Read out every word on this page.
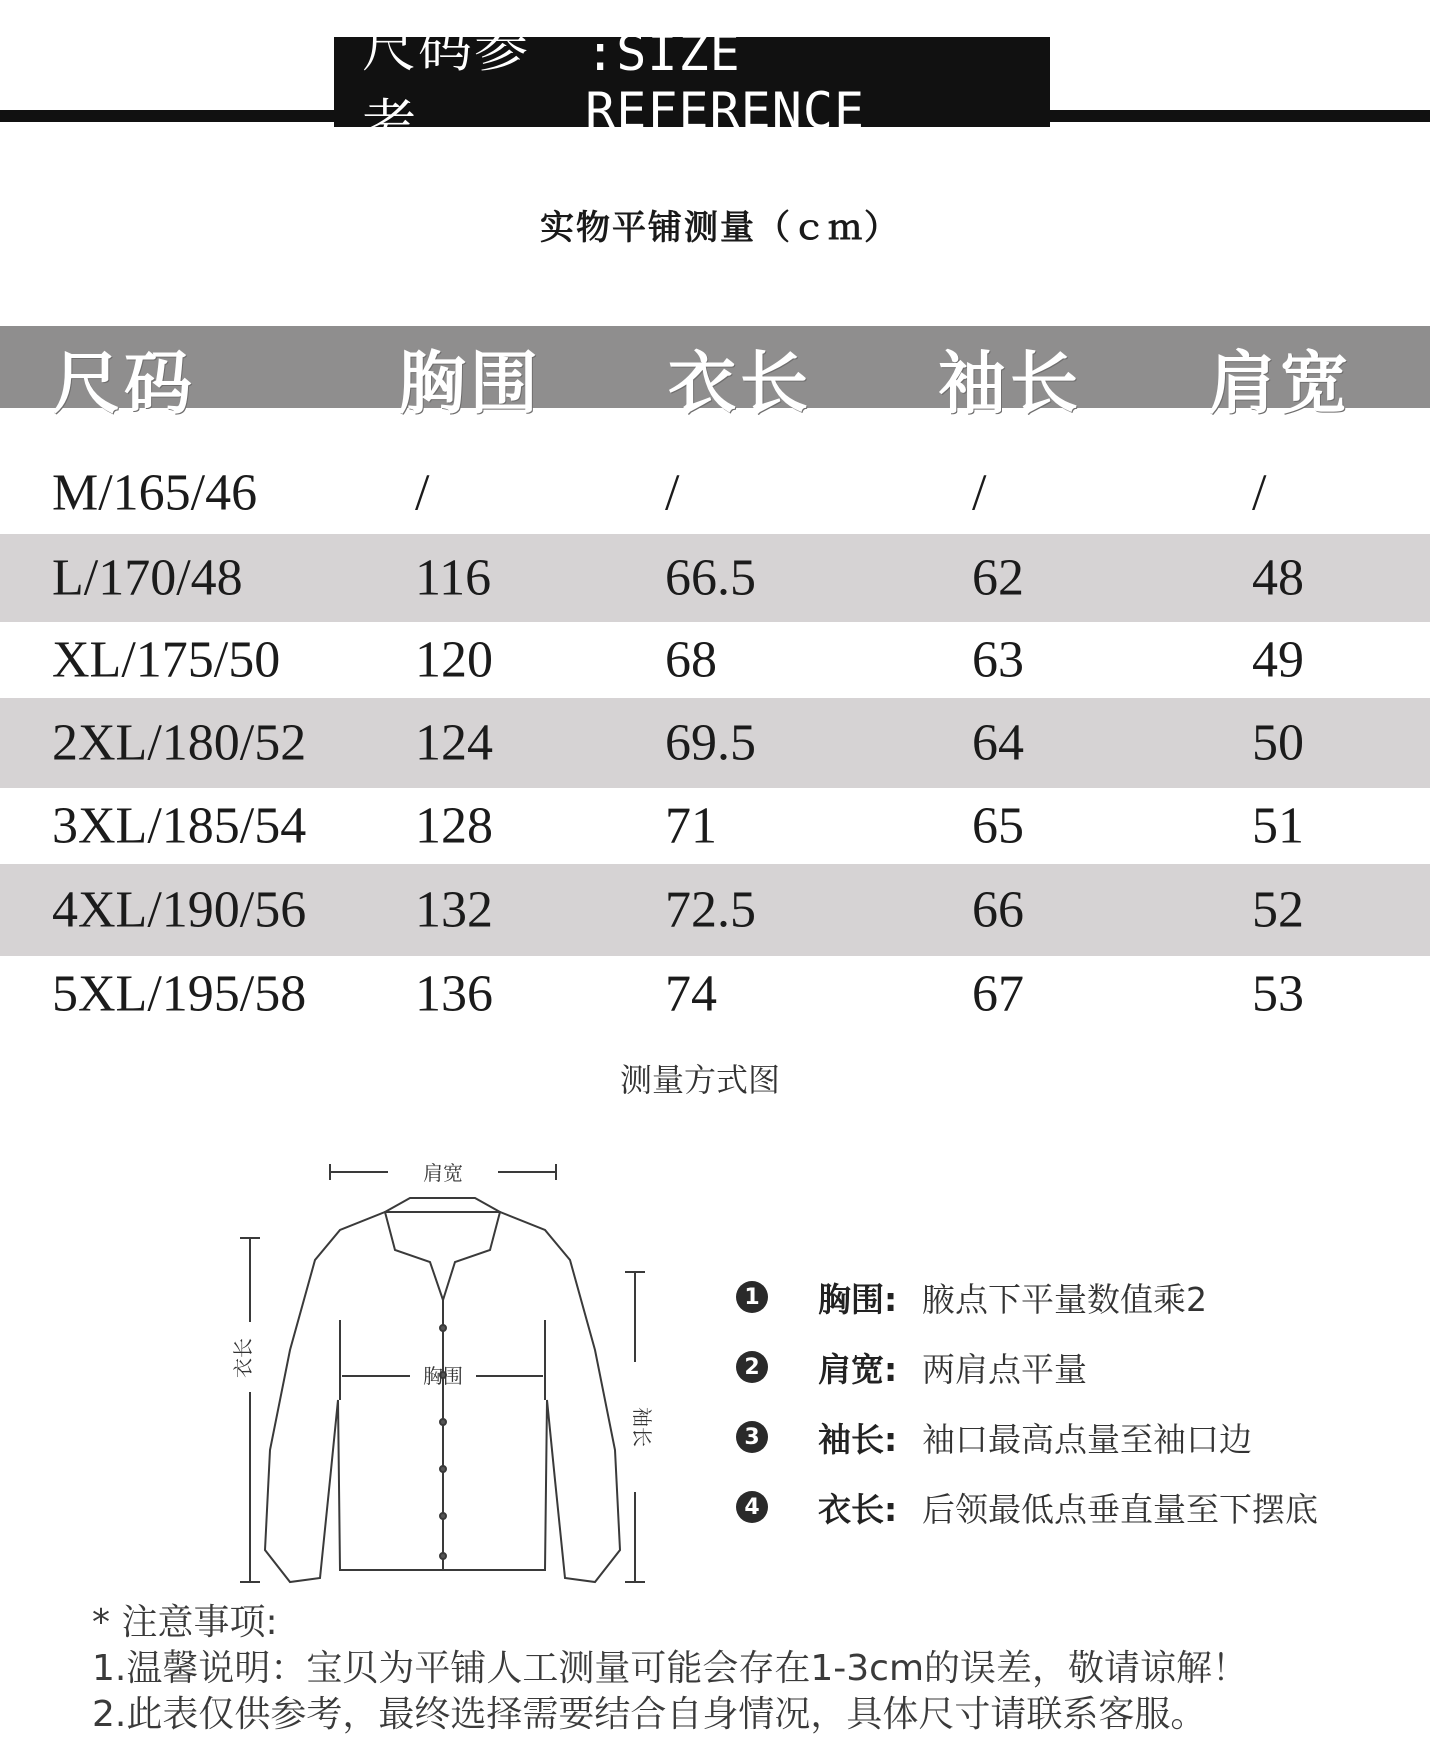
尺码参考
:SIZE REFERENCE
实物平铺测量（ｃｍ）
尺码	胸围 衣长 袖长 肩宽
M/165/46	/	/	/	/
L/170/48	116	66.5	62	48
XL/175/50	120	68	63	49
2XL/180/52 124	69.5	64	50
3XL/185/54 128	71	65	51
4XL/190/56 132	72.5	66	52
5XL/195/58 136	74	67	53
测量方式图
肩宽
衣长
袖长
胸围
1 胸围: 腋点下平量数值乘2
2 肩宽: 两肩点平量
3 袖长: 袖口最高点量至袖口边
4 衣长: 后领最低点垂直量至下摆底
* 注意事项:
1.温馨说明：宝贝为平铺人工测量可能会存在1-3cm的误差，敬请谅解！
2.此表仅供参考，最终选择需要结合自身情况，具体尺寸请联系客服。
